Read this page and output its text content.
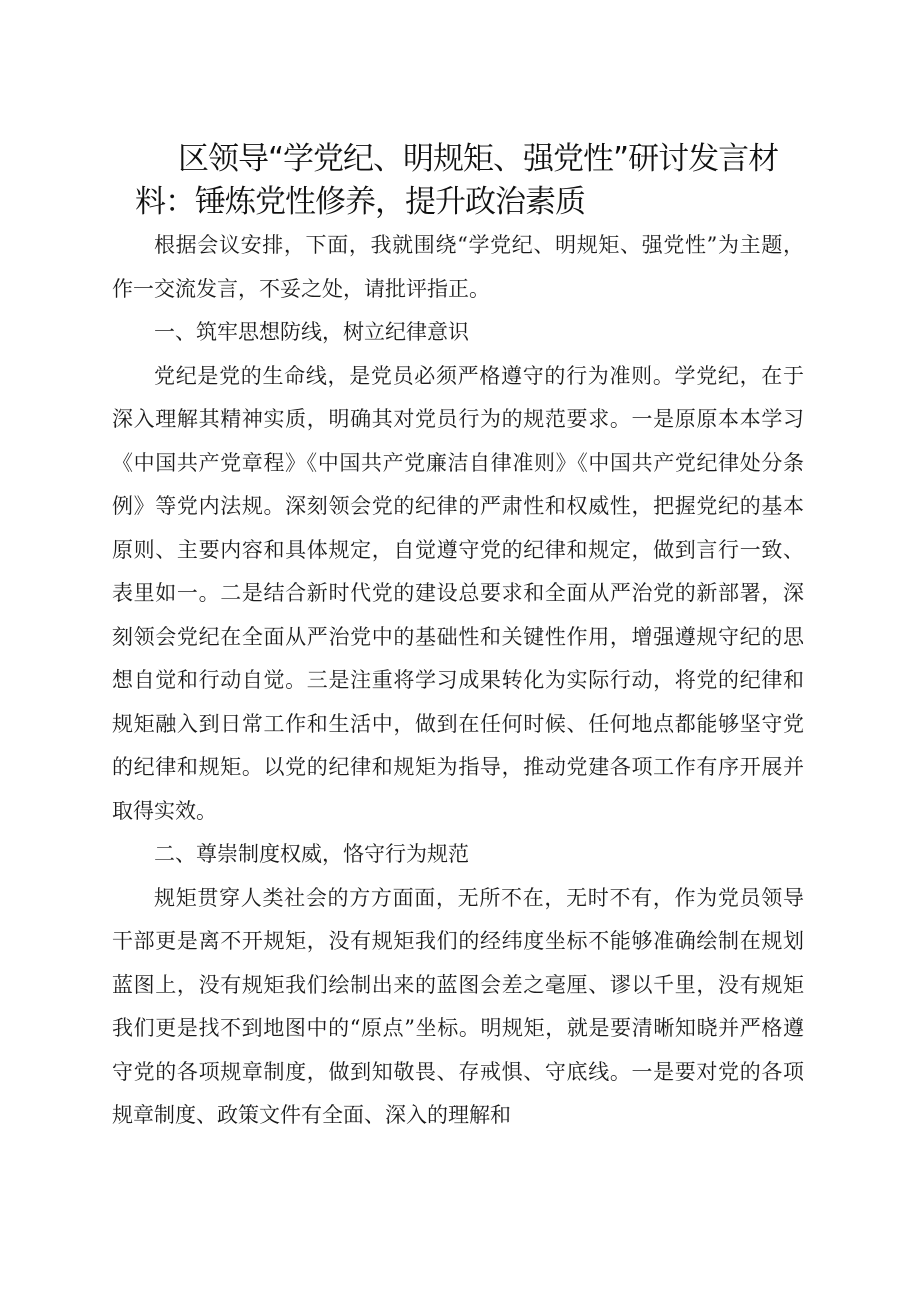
区领导“学党纪、明规矩、强党性”研讨发言材料：锤炼党性修养，提升政治素质

根据会议安排，下面，我就围绕“学党纪、明规矩、强党性”为主题，作一交流发言，不妥之处，请批评指正。

一、筑牢思想防线，树立纪律意识

党纪是党的生命线，是党员必须严格遵守的行为准则。学党纪，在于深入理解其精神实质，明确其对党员行为的规范要求。一是原原本本学习《中国共产党章程》《中国共产党廉洁自律准则》《中国共产党纪律处分条例》等党内法规。深刻领会党的纪律的严肃性和权威性，把握党纪的基本原则、主要内容和具体规定，自觉遵守党的纪律和规定，做到言行一致、表里如一。二是结合新时代党的建设总要求和全面从严治党的新部署，深刻领会党纪在全面从严治党中的基础性和关键性作用，增强遵规守纪的思想自觉和行动自觉。三是注重将学习成果转化为实际行动，将党的纪律和规矩融入到日常工作和生活中，做到在任何时候、任何地点都能够坚守党的纪律和规矩。以党的纪律和规矩为指导，推动党建各项工作有序开展并取得实效。

二、尊崇制度权威，恪守行为规范

规矩贯穿人类社会的方方面面，无所不在，无时不有，作为党员领导干部更是离不开规矩，没有规矩我们的经纬度坐标不能够准确绘制在规划蓝图上，没有规矩我们绘制出来的蓝图会差之毫厘、谬以千里，没有规矩我们更是找不到地图中的“原点”坐标。明规矩，就是要清晰知晓并严格遵守党的各项规章制度，做到知敬畏、存戒惧、守底线。一是要对党的各项规章制度、政策文件有全面、深入的理解和
